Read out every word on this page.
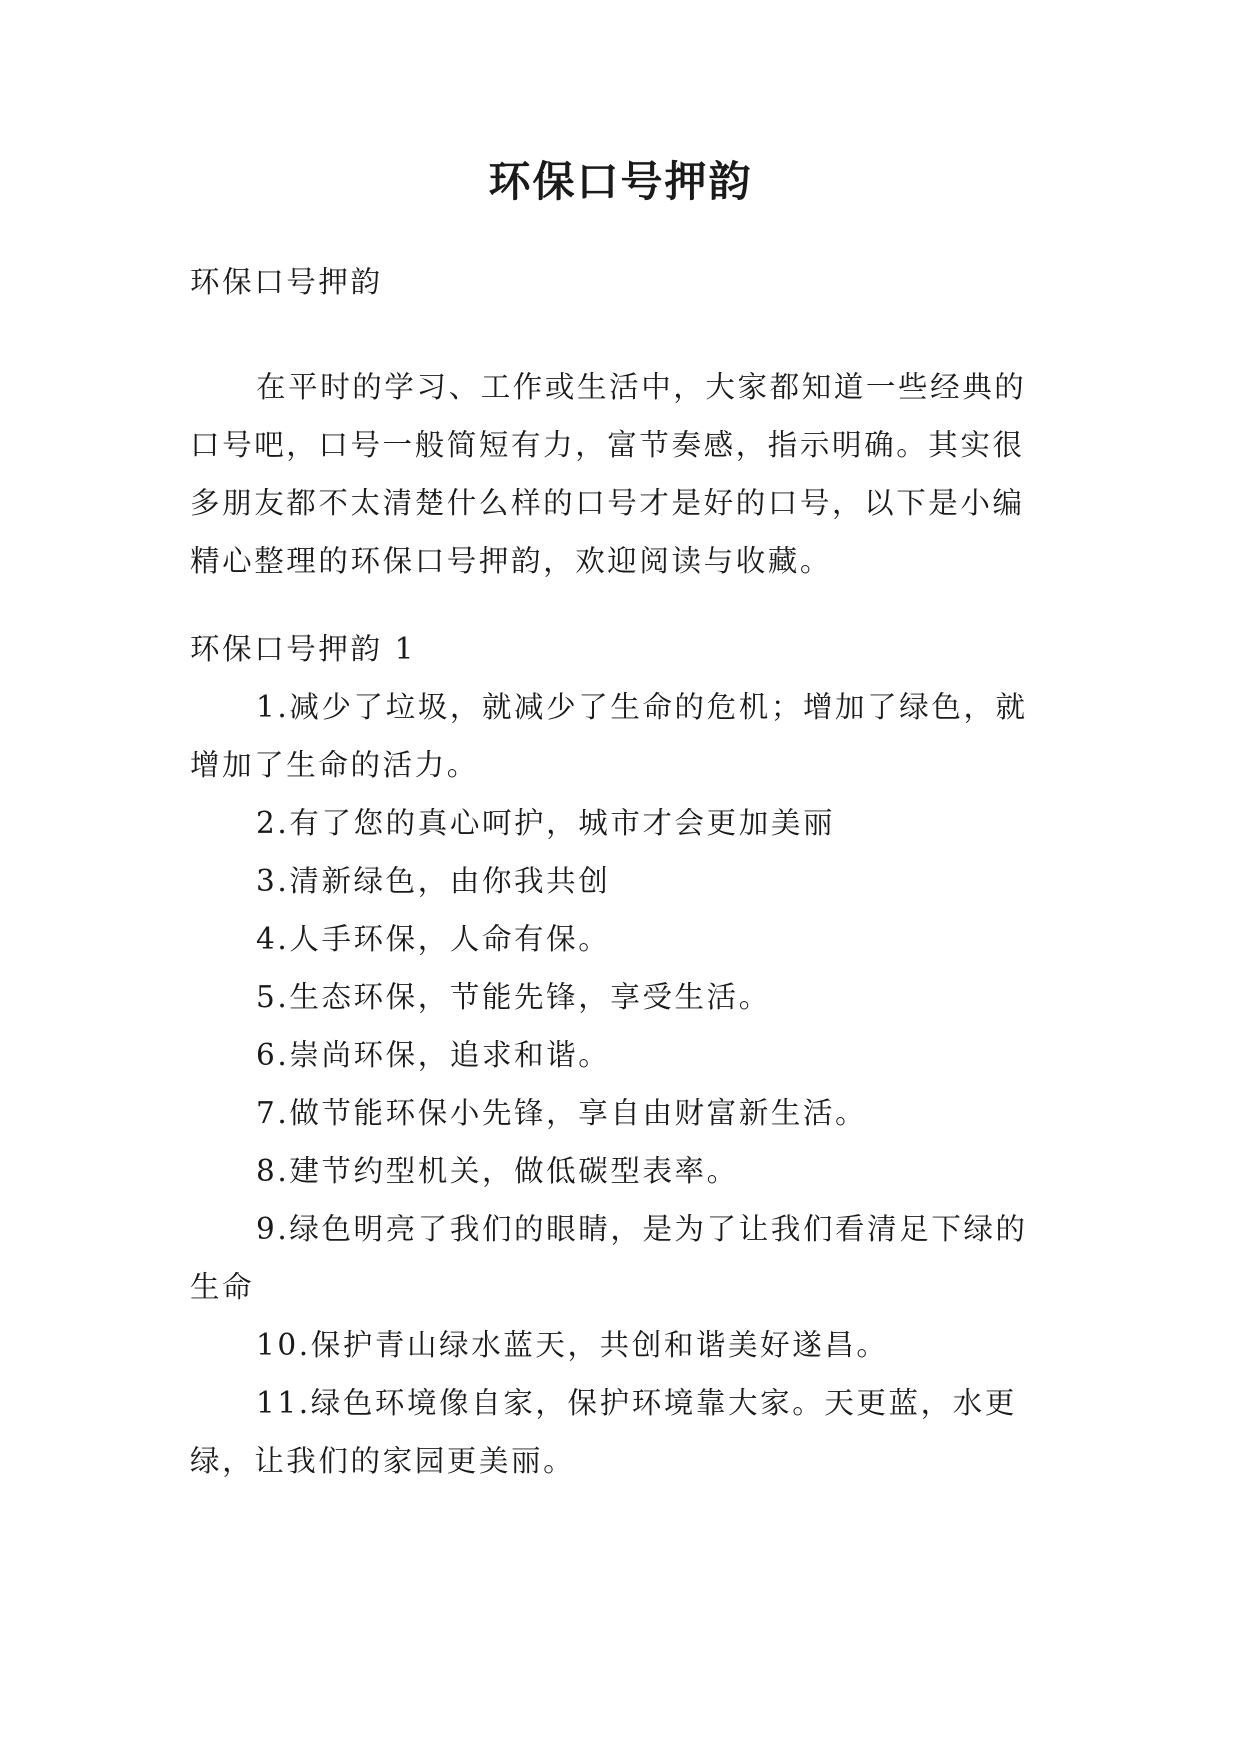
环保口号押韵
环保口号押韵
在平时的学习、工作或生活中，大家都知道一些经典的
口号吧，口号一般简短有力，富节奏感，指示明确。其实很
多朋友都不太清楚什么样的口号才是好的口号，以下是小编
精心整理的环保口号押韵，欢迎阅读与收藏。
环保口号押韵 1
1.减少了垃圾，就减少了生命的危机；增加了绿色，就
增加了生命的活力。
2.有了您的真心呵护，城市才会更加美丽
3.清新绿色，由你我共创
4.人手环保，人命有保。
5.生态环保，节能先锋，享受生活。
6.崇尚环保，追求和谐。
7.做节能环保小先锋，享自由财富新生活。
8.建节约型机关，做低碳型表率。
9.绿色明亮了我们的眼睛，是为了让我们看清足下绿的
生命
10.保护青山绿水蓝天，共创和谐美好遂昌。
11.绿色环境像自家，保护环境靠大家。天更蓝，水更
绿，让我们的家园更美丽。
